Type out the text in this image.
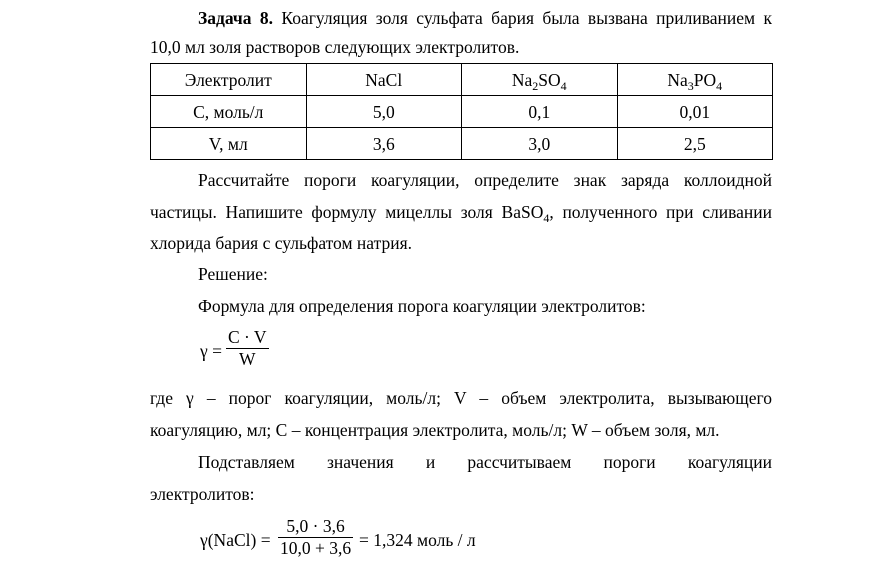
Задача 8. Коагуляция золя сульфата бария была вызвана приливанием к
10,0 мл золя растворов следующих электролитов.
Электролит	NaCl	$Na_2SO_4$	$Na_3PO_4$
С, моль/л	5,0	0,1	0,01
V, мл	3,6	3,0	2,5
Рассчитайте пороги коагуляции, определите знак заряда коллоидной
частицы. Напишите формулу мицеллы золя BaSO$_4$, полученного при сливании
хлорида бария с сульфатом натрия.
Решение:
Формула для определения порога коагуляции электролитов:
γ =
C · V
W
где γ – порог коагуляции, моль/л; V – объем электролита, вызывающего
коагуляцию, мл; С – концентрация электролита, моль/л; W – объем золя, мл.
Подставляем значения и рассчитываем пороги коагуляции
электролитов:
γ(NaCl) =
5,0 · 3,6
10,0 + 3,6 = 1,324 моль / л
